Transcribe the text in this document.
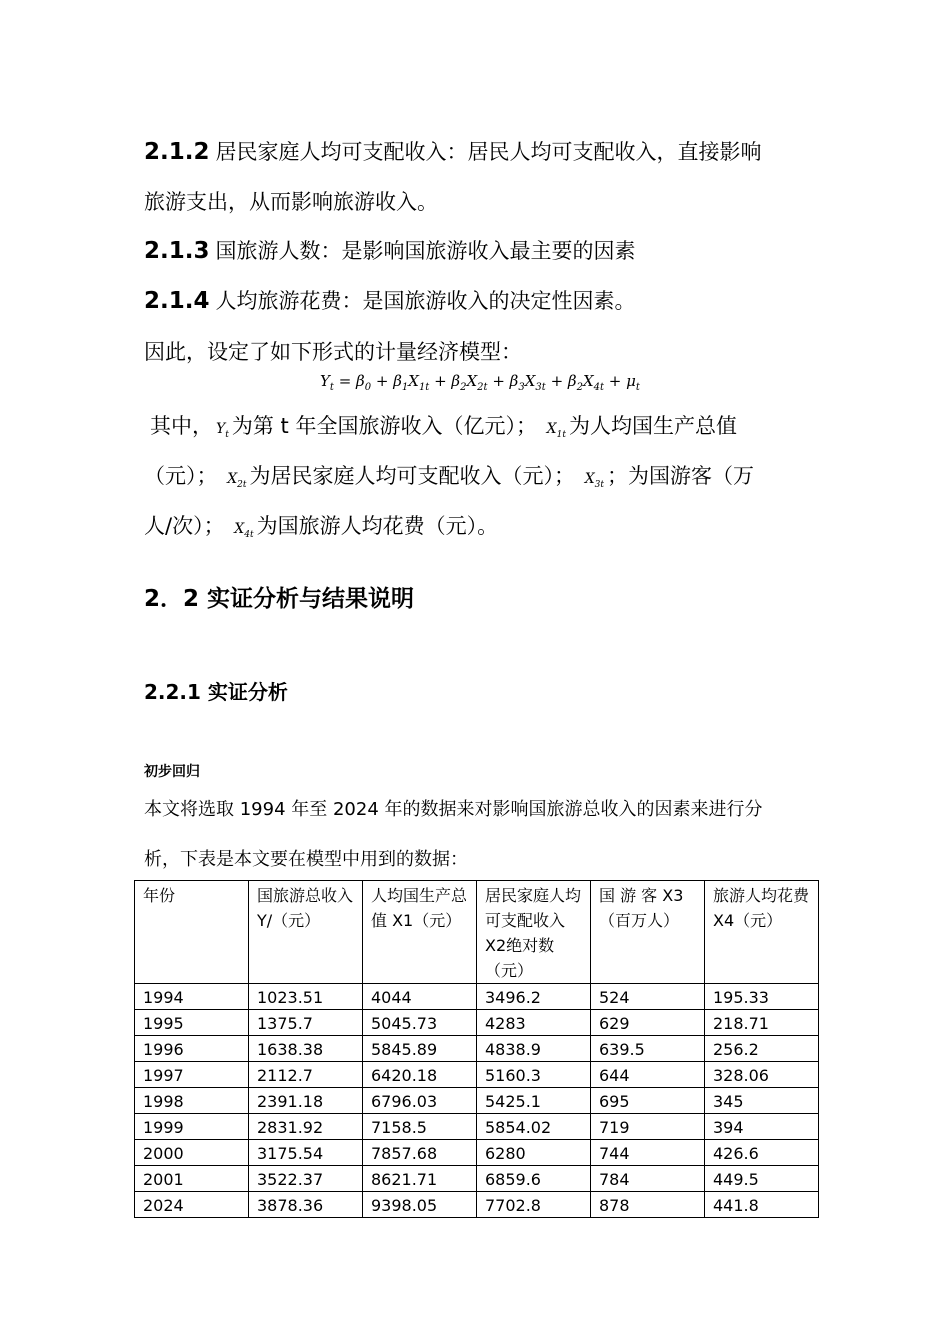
2.1.2 居民家庭人均可支配收入：居民人均可支配收入，直接影响
旅游支出，从而影响旅游收入。
2.1.3 国旅游人数：是影响国旅游收入最主要的因素
2.1.4 人均旅游花费：是国旅游收入的决定性因素。
因此，设定了如下形式的计量经济模型：
$Y_t = \beta_0 + \beta_1X_{1t} + \beta_2X_{2t} + \beta_3X_{3t} + \beta_2X_{4t} + \mu_t$
其中， $Y_t$ 为第 t 年全国旅游收入（亿元）； $X_{1t}$ 为人均国生产总值
（元）； $X_{2t}$ 为居民家庭人均可支配收入（元）； $X_{3t}$ ；为国游客（万
人/次）； $X_{4t}$ 为国旅游人均花费（元）。
2．2 实证分析与结果说明
2.2.1 实证分析
初步回归
本文将选取 1994 年至 2024 年的数据来对影响国旅游总收入的因素来进行分
析，下表是本文要在模型中用到的数据：
年份	国旅游总收入Y/（元）	人均国生产总 值 X1（元）	居民家庭人均可支配收入X2绝对数（元）	国 游 客 X3（百万人）	旅游人均花费X4（元）
1994	1023.51	4044	3496.2	524	195.33
1995	1375.7	5045.73	4283	629	218.71
1996	1638.38	5845.89	4838.9	639.5	256.2
1997	2112.7	6420.18	5160.3	644	328.06
1998	2391.18	6796.03	5425.1	695	345
1999	2831.92	7158.5	5854.02	719	394
2000	3175.54	7857.68	6280	744	426.6
2001	3522.37	8621.71	6859.6	784	449.5
2024	3878.36	9398.05	7702.8	878	441.8
